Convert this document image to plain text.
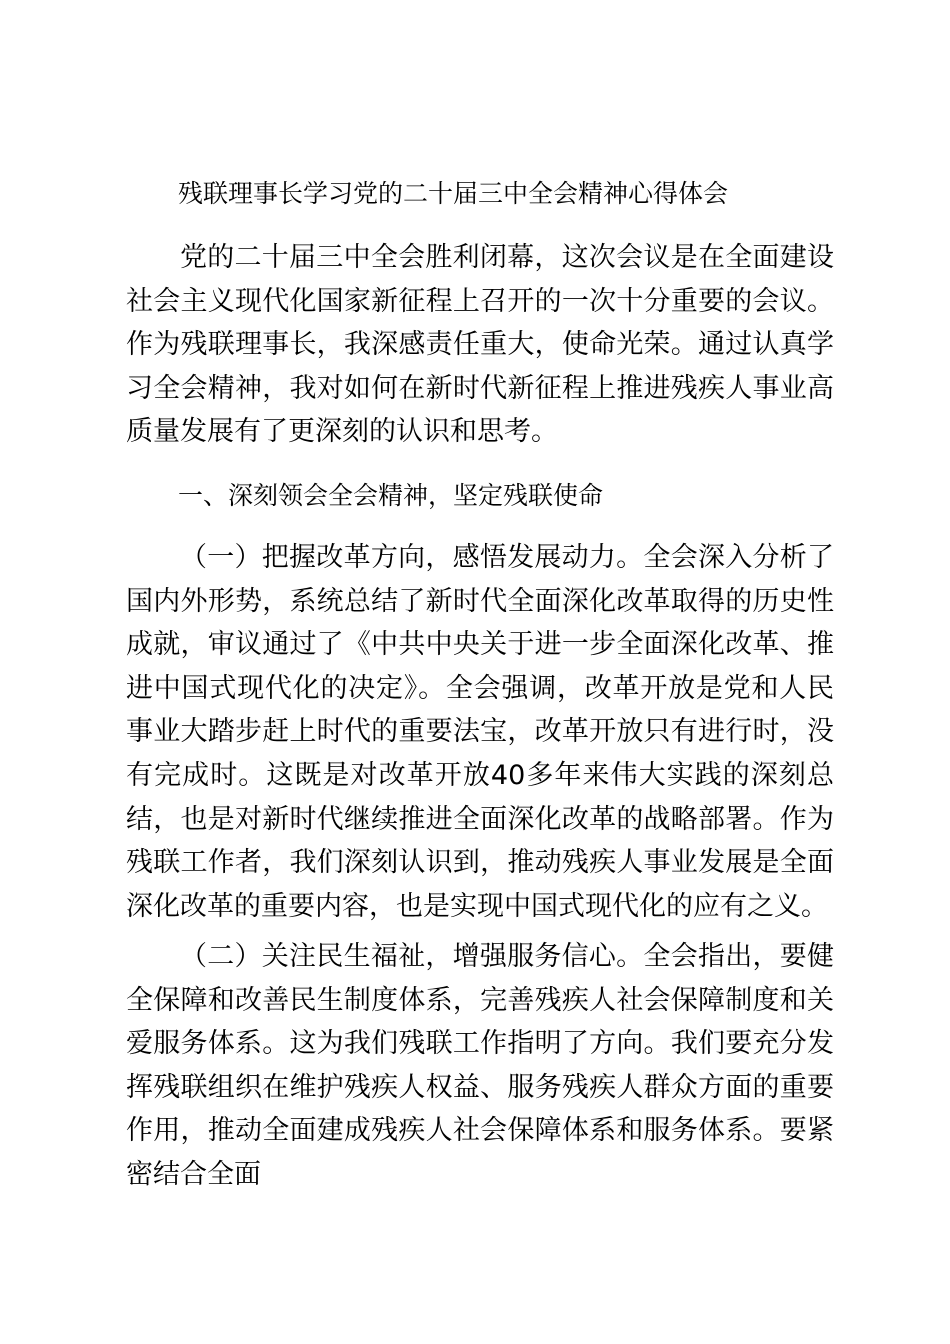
残联理事长学习党的二十届三中全会精神心得体会

党的二十届三中全会胜利闭幕，这次会议是在全面建设社会主义现代化国家新征程上召开的一次十分重要的会议。作为残联理事长，我深感责任重大，使命光荣。通过认真学习全会精神，我对如何在新时代新征程上推进残疾人事业高质量发展有了更深刻的认识和思考。

一、深刻领会全会精神，坚定残联使命

（一）把握改革方向，感悟发展动力。全会深入分析了国内外形势，系统总结了新时代全面深化改革取得的历史性成就，审议通过了《中共中央关于进一步全面深化改革、推进中国式现代化的决定》。全会强调，改革开放是党和人民事业大踏步赶上时代的重要法宝，改革开放只有进行时，没有完成时。这既是对改革开放40多年来伟大实践的深刻总结，也是对新时代继续推进全面深化改革的战略部署。作为残联工作者，我们深刻认识到，推动残疾人事业发展是全面深化改革的重要内容，也是实现中国式现代化的应有之义。

（二）关注民生福祉，增强服务信心。全会指出，要健全保障和改善民生制度体系，完善残疾人社会保障制度和关爱服务体系。这为我们残联工作指明了方向。我们要充分发挥残联组织在维护残疾人权益、服务残疾人群众方面的重要作用，推动全面建成残疾人社会保障体系和服务体系。要紧密结合全面
